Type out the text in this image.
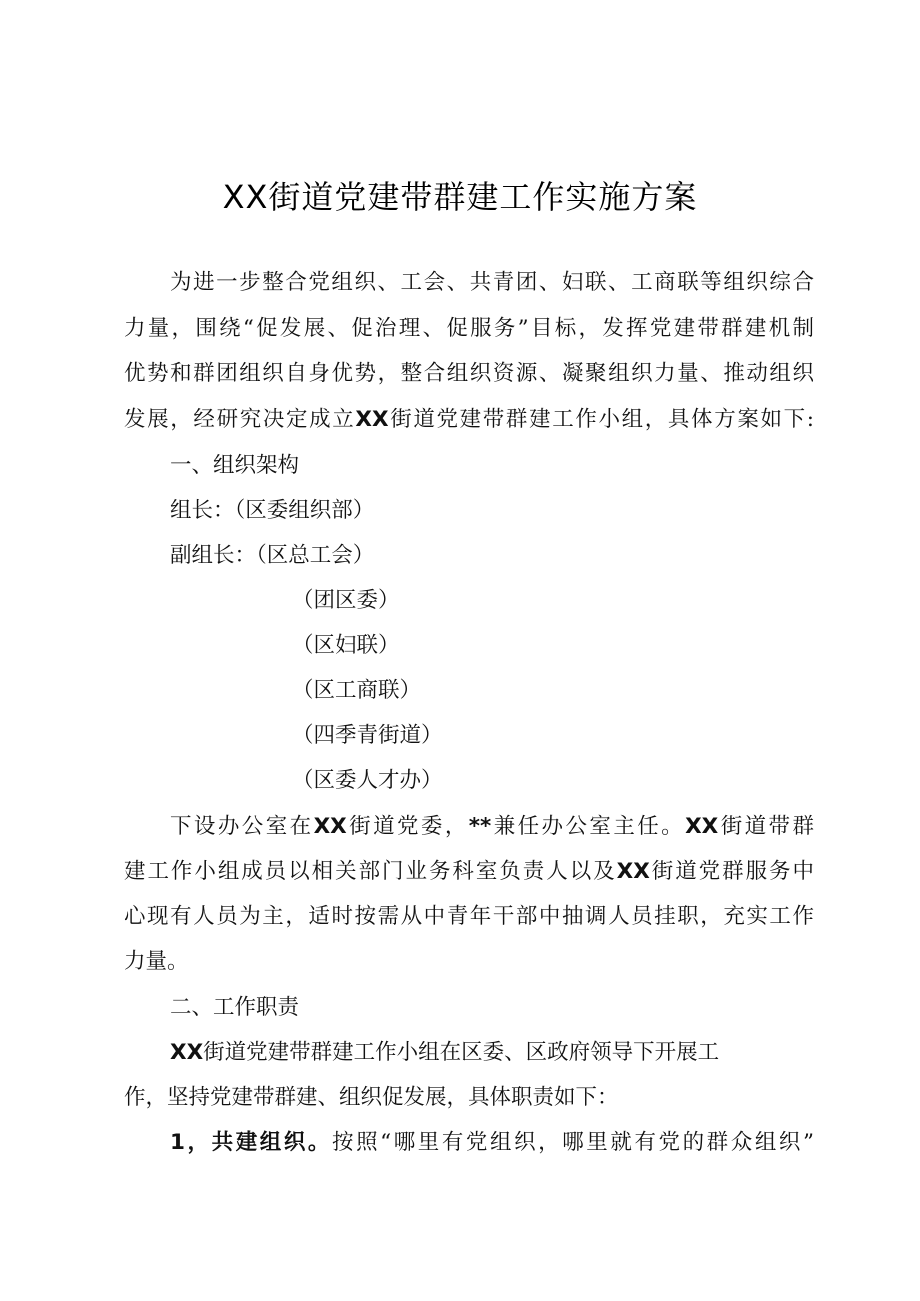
XX街道党建带群建工作实施方案
为进一步整合党组织、工会、共青团、妇联、工商联等组织综合
力量，围绕“促发展、促治理、促服务”目标，发挥党建带群建机制
优势和群团组织自身优势，整合组织资源、凝聚组织力量、推动组织
发展，经研究决定成立XX街道党建带群建工作小组，具体方案如下:
一、组织架构
组长：（区委组织部）
副组长：（区总工会）
（团区委）
（区妇联）
（区工商联）
（四季青街道）
（区委人才办）
下设办公室在XX街道党委，**兼任办公室主任。XX街道带群
建工作小组成员以相关部门业务科室负责人以及XX街道党群服务中
心现有人员为主，适时按需从中青年干部中抽调人员挂职，充实工作
力量。
二、工作职责
XX街道党建带群建工作小组在区委、区政府领导下开展工
作，坚持党建带群建、组织促发展，具体职责如下：
1，共建组织。按照“哪里有党组织，哪里就有党的群众组织”
